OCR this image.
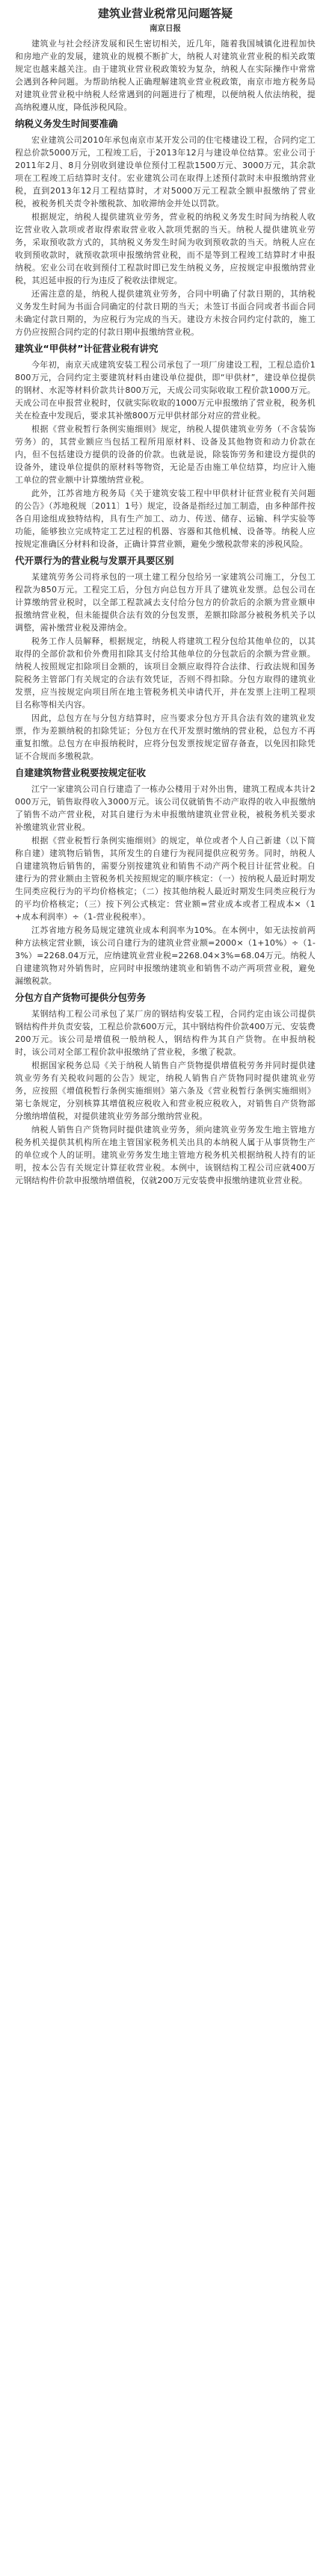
建筑业营业税常见问题答疑
南京日报

建筑业与社会经济发展和民生密切相关，近几年，随着我国城镇化进程加快和房地产业的发展，建筑业的规模不断扩大，纳税人对建筑业营业税的相关政策规定也越来越关注。由于建筑业营业税政策较为复杂，纳税人在实际操作中常常会遇到各种问题。为帮助纳税人正确理解建筑业营业税政策，南京市地方税务局对建筑业营业税中纳税人经常遇到的问题进行了梳理，以便纳税人依法纳税，提高纳税遵从度，降低涉税风险。

纳税义务发生时间要准确

宏业建筑公司2010年承包南京市某开发公司的住宅楼建设工程，合同约定工程总价款5000万元，工程竣工后，于2013年12月与建设单位结算。宏业公司于2011年2月、8月分别收到建设单位预付工程款1500万元、3000万元，其余款项在工程竣工后结算时支付。宏业建筑公司在取得上述预付款时未申报缴纳营业税，直到2013年12月工程结算时，才对5000万元工程款全额申报缴纳了营业税，被税务机关责令补缴税款、加收滞纳金并处以罚款。

根据规定，纳税人提供建筑业劳务，营业税的纳税义务发生时间为纳税人收讫营业收入款项或者取得索取营业收入款项凭据的当天。纳税人提供建筑业劳务，采取预收款方式的，其纳税义务发生时间为收到预收款的当天。纳税人应在收到预收款时，就预收款项申报缴纳营业税，而不是等到工程竣工结算时才申报纳税。宏业公司在收到预付工程款时即已发生纳税义务，应按规定申报缴纳营业税，其迟延申报的行为违反了税收法律规定。

还需注意的是，纳税人提供建筑业劳务，合同中明确了付款日期的，其纳税义务发生时间为书面合同确定的付款日期的当天；未签订书面合同或者书面合同未确定付款日期的，为应税行为完成的当天。建设方未按合同约定付款的，施工方仍应按照合同约定的付款日期申报缴纳营业税。

建筑业“甲供材”计征营业税有讲究

今年初，南京天成建筑安装工程公司承包了一项厂房建设工程，工程总造价1800万元，合同约定主要建筑材料由建设单位提供，即“甲供材”，建设单位提供的钢材、水泥等材料价款共计800万元，天成公司实际收取工程价款1000万元。天成公司在申报营业税时，仅就实际收取的1000万元申报缴纳了营业税，税务机关在检查中发现后，要求其补缴800万元甲供材部分对应的营业税。

根据《营业税暂行条例实施细则》规定，纳税人提供建筑业劳务（不含装饰劳务）的，其营业额应当包括工程所用原材料、设备及其他物资和动力价款在内，但不包括建设方提供的设备的价款。也就是说，除装饰劳务和建设方提供的设备外，建设单位提供的原材料等物资，无论是否由施工单位结算，均应计入施工单位的营业额中计算缴纳营业税。

此外，江苏省地方税务局《关于建筑安装工程中甲供材计征营业税有关问题的公告》（苏地税规〔2011〕1号）规定，设备是指经过加工制造，由多种部件按各自用途组成独特结构，具有生产加工、动力、传送、储存、运输、科学实验等功能，能够独立完成特定工艺过程的机器、容器和其他机械、设备等。纳税人应按规定准确区分材料和设备，正确计算营业额，避免少缴税款带来的涉税风险。

代开票行为的营业税与发票开具要区别

某建筑劳务公司将承包的一项土建工程分包给另一家建筑公司施工，分包工程款为850万元。工程完工后，分包方向总包方开具了建筑业发票。总包公司在计算缴纳营业税时，以全部工程款减去支付给分包方的价款后的余额为营业额申报缴纳营业税，但未能提供合法有效的分包发票，差额扣除部分被税务机关予以调整，需补缴营业税及滞纳金。

税务工作人员解释，根据规定，纳税人将建筑工程分包给其他单位的，以其取得的全部价款和价外费用扣除其支付给其他单位的分包款后的余额为营业额。纳税人按照规定扣除项目金额的，该项目金额应取得符合法律、行政法规和国务院税务主管部门有关规定的合法有效凭证，否则不得扣除。分包方取得的建筑业发票，应当按规定向项目所在地主管税务机关申请代开，并在发票上注明工程项目名称等相关内容。

因此，总包方在与分包方结算时，应当要求分包方开具合法有效的建筑业发票，作为差额纳税的扣除凭证；分包方在代开发票时缴纳的营业税，总包方不再重复扣缴。总包方在申报纳税时，应将分包发票按规定留存备查，以免因扣除凭证不合规而多缴税款。

自建建筑物营业税要按规定征收

江宁一家建筑公司自行建造了一栋办公楼用于对外出售，建筑工程成本共计2000万元，销售取得收入3000万元。该公司仅就销售不动产取得的收入申报缴纳了销售不动产营业税，对其自建行为未申报缴纳建筑业营业税，被税务机关要求补缴建筑业营业税。

根据《营业税暂行条例实施细则》的规定，单位或者个人自己新建（以下简称自建）建筑物后销售，其所发生的自建行为视同提供应税劳务。同时，纳税人自建建筑物后销售的，需要分别按建筑业和销售不动产两个税目计征营业税。自建行为的营业额由主管税务机关按照规定的顺序核定：（一）按纳税人最近时期发生同类应税行为的平均价格核定；（二）按其他纳税人最近时期发生同类应税行为的平均价格核定；（三）按下列公式核定：营业额=营业成本或者工程成本×（1+成本利润率）÷（1-营业税税率）。

江苏省地方税务局规定建筑业成本利润率为10%。在本例中，如无法按前两种方法核定营业额，该公司自建行为的建筑业营业额=2000×（1+10%）÷（1-3%）=2268.04万元，应纳建筑业营业税=2268.04×3%=68.04万元。纳税人自建建筑物对外销售时，应同时申报缴纳建筑业和销售不动产两项营业税，避免漏缴税款。

分包方自产货物可提供分包劳务

某钢结构工程公司承包了某厂房的钢结构安装工程，合同约定由该公司提供钢结构件并负责安装，工程总价款600万元，其中钢结构件价款400万元、安装费200万元。该公司是增值税一般纳税人，钢结构件为其自产货物。在申报纳税时，该公司对全部工程价款申报缴纳了营业税，多缴了税款。

根据国家税务总局《关于纳税人销售自产货物提供增值税劳务并同时提供建筑业劳务有关税收问题的公告》规定，纳税人销售自产货物同时提供建筑业劳务，应按照《增值税暂行条例实施细则》第六条及《营业税暂行条例实施细则》第七条规定，分别核算其增值税应税收入和营业税应税收入，对销售自产货物部分缴纳增值税，对提供建筑业劳务部分缴纳营业税。

纳税人销售自产货物同时提供建筑业劳务，须向建筑业劳务发生地主管地方税务机关提供其机构所在地主管国家税务机关出具的本纳税人属于从事货物生产的单位或个人的证明。建筑业劳务发生地主管地方税务机关根据纳税人持有的证明，按本公告有关规定计算征收营业税。本例中，该钢结构工程公司应就400万元钢结构件价款申报缴纳增值税，仅就200万元安装费申报缴纳建筑业营业税。
